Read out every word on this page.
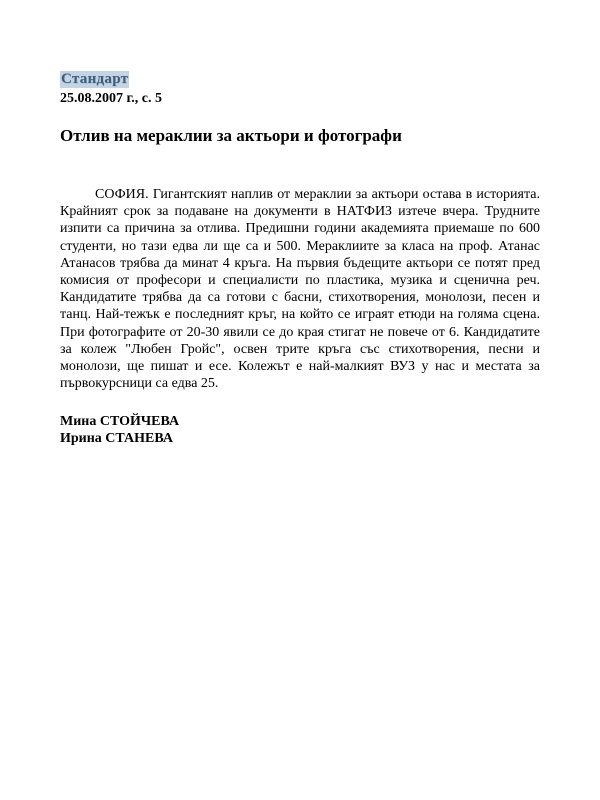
Стандарт
25.08.2007 г., с. 5
Отлив на мераклии за актьори и фотографи
СОФИЯ. Гигантският наплив от мераклии за актьори остава в историята. Крайният срок за подаване на документи в НАТФИЗ изтече вчера. Трудните изпити са причина за отлива. Предишни години академията приемаше по 600 студенти, но тази едва ли ще са и 500. Мераклиите за класа на проф. Атанас Атанасов трябва да минат 4 кръга. На първия бъдещите актьори се потят пред комисия от професори и специалисти по пластика, музика и сценична реч. Кандидатите трябва да са готови с басни, стихотворения, монолози, песен и танц. Най-тежък е последният кръг, на който се играят етюди на голяма сцена. При фотографите от 20-30 явили се до края стигат не повече от 6. Кандидатите за колеж "Любен Гройс", освен трите кръга със стихотворения, песни и монолози, ще пишат и есе. Колежът е най-малкият ВУЗ у нас и местата за първокурсници са едва 25.
Мина СТОЙЧЕВА
Ирина СТАНЕВА
